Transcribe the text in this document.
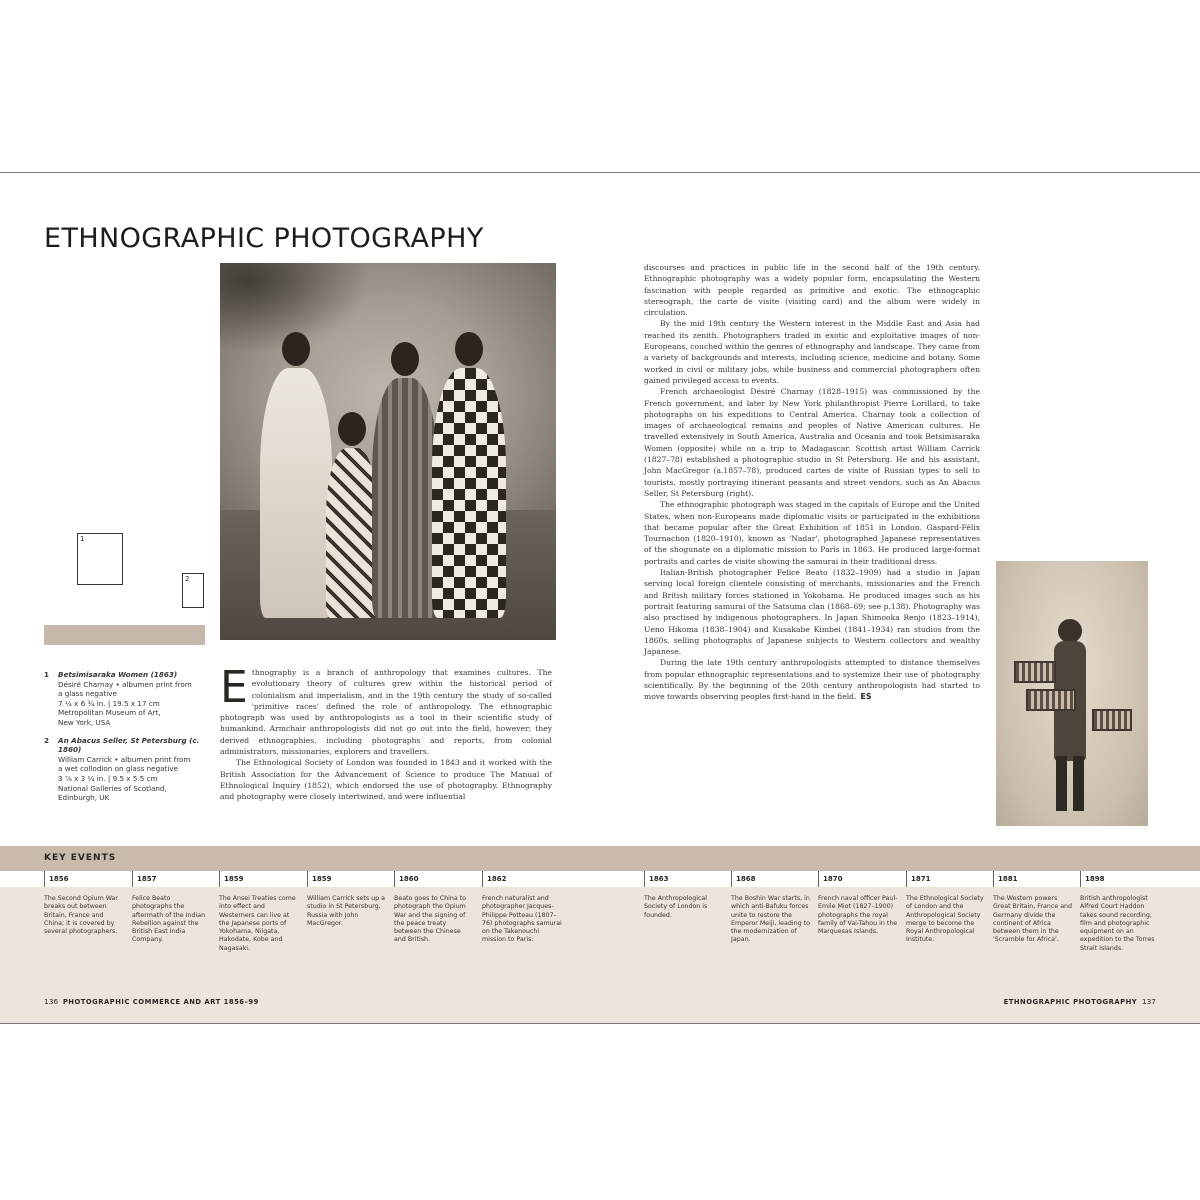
ETHNOGRAPHIC PHOTOGRAPHY
1
2
1 Betsimisaraka Women (1863)
Désiré Charnay • albumen print from
a glass negative
7 ¼ x 6 ¾ in. | 19.5 x 17 cm
Metropolitan Museum of Art,
New York, USA
2 An Abacus Seller, St Petersburg (c. 1860)
William Carrick • albumen print from
a wet collodion on glass negative
3 ⅞ x 3 ¼ in. | 9.5 x 5.5 cm
National Galleries of Scotland,
Edinburgh, UK

Ethnography is a branch of anthropology that examines cultures. The evolutionary theory of cultures grew within the historical period of colonialism and imperialism, and in the 19th century the study of so-called 'primitive races' defined the role of anthropology. The ethnographic photograph was used by anthropologists as a tool in their scientific study of humankind. Armchair anthropologists did not go out into the field, however; they derived ethnographies, including photographs and reports, from colonial administrators, missionaries, explorers and travellers.

The Ethnological Society of London was founded in 1843 and it worked with the British Association for the Advancement of Science to produce The Manual of Ethnological Inquiry (1852), which endorsed the use of photography. Ethnography and photography were closely intertwined, and were influential

discourses and practices in public life in the second half of the 19th century. Ethnographic photography was a widely popular form, encapsulating the Western fascination with people regarded as primitive and exotic. The ethnographic stereograph, the carte de visite (visiting card) and the album were widely in circulation.

By the mid 19th century the Western interest in the Middle East and Asia had reached its zenith. Photographers traded in exotic and exploitative images of non-Europeans, couched within the genres of ethnography and landscape. They came from a variety of backgrounds and interests, including science, medicine and botany. Some worked in civil or military jobs, while business and commercial photographers often gained privileged access to events.

French archaeologist Désiré Charnay (1828–1915) was commissioned by the French government, and later by New York philanthropist Pierre Lorillard, to take photographs on his expeditions to Central America. Charnay took a collection of images of archaeological remains and peoples of Native American cultures. He travelled extensively in South America, Australia and Oceania and took Betsimisaraka Women (opposite) while on a trip to Madagascar. Scottish artist William Carrick (1827–78) established a photographic studio in St Petersburg. He and his assistant, John MacGregor (a.1857–78), produced cartes de visite of Russian types to sell to tourists, mostly portraying itinerant peasants and street vendors, such as An Abacus Seller, St Petersburg (right).

The ethnographic photograph was staged in the capitals of Europe and the United States, when non-Europeans made diplomatic visits or participated in the exhibitions that became popular after the Great Exhibition of 1851 in London. Gaspard-Félix Tournachon (1820–1910), known as 'Nadar', photographed Japanese representatives of the shogunate on a diplomatic mission to Paris in 1863. He produced large-format portraits and cartes de visite showing the samurai in their traditional dress.

Italian-British photographer Felice Beato (1832–1909) had a studio in Japan serving local foreign clientele consisting of merchants, missionaries and the French and British military forces stationed in Yokohama. He produced images such as his portrait featuring samurai of the Satsuma clan (1868–69; see p.138). Photography was also practised by indigenous photographers. In Japan Shimooka Renjo (1823–1914), Ueno Hikoma (1838–1904) and Kusakabe Kimbei (1841–1934) ran studios from the 1860s, selling photographs of Japanese subjects to Western collectors and wealthy Japanese.

During the late 19th century anthropologists attempted to distance themselves from popular ethnographic representations and to systemize their use of photography scientifically. By the beginning of the 20th century anthropologists had started to move towards observing peoples first-hand in the field. ES

KEY EVENTS
1856
The Second Opium War breaks out between Britain, France and China; it is covered by several photographers.
1857
Felice Beato photographs the aftermath of the Indian Rebellion against the British East India Company.
1859
The Ansei Treaties come into effect and Westerners can live at the Japanese ports of Yokohama, Niigata, Hakodate, Kobe and Nagasaki.
1859
William Carrick sets up a studio in St Petersburg, Russia with John MacGregor.
1860
Beato goes to China to photograph the Opium War and the signing of the peace treaty between the Chinese and British.
1862
French naturalist and photographer Jacques-Philippe Potteau (1807–76) photographs samurai on the Takenouchi mission to Paris.
1863
The Anthropological Society of London is founded.
1868
The Boshin War starts, in which anti-Bafuku forces unite to restore the Emperor Meiji, leading to the modernization of Japan.
1870
French naval officer Paul-Emile Miot (1827–1900) photographs the royal family of Vai-Tahou in the Marquesas Islands.
1871
The Ethnological Society of London and the Anthropological Society merge to become the Royal Anthropological Institute.
1881
The Western powers Great Britain, France and Germany divide the continent of Africa between them in the 'Scramble for Africa'.
1898
British anthropologist Alfred Court Haddon takes sound recording, film and photographic equipment on an expedition to the Torres Strait Islands.
136 PHOTOGRAPHIC COMMERCE AND ART 1856–99	ETHNOGRAPHIC PHOTOGRAPHY 137
